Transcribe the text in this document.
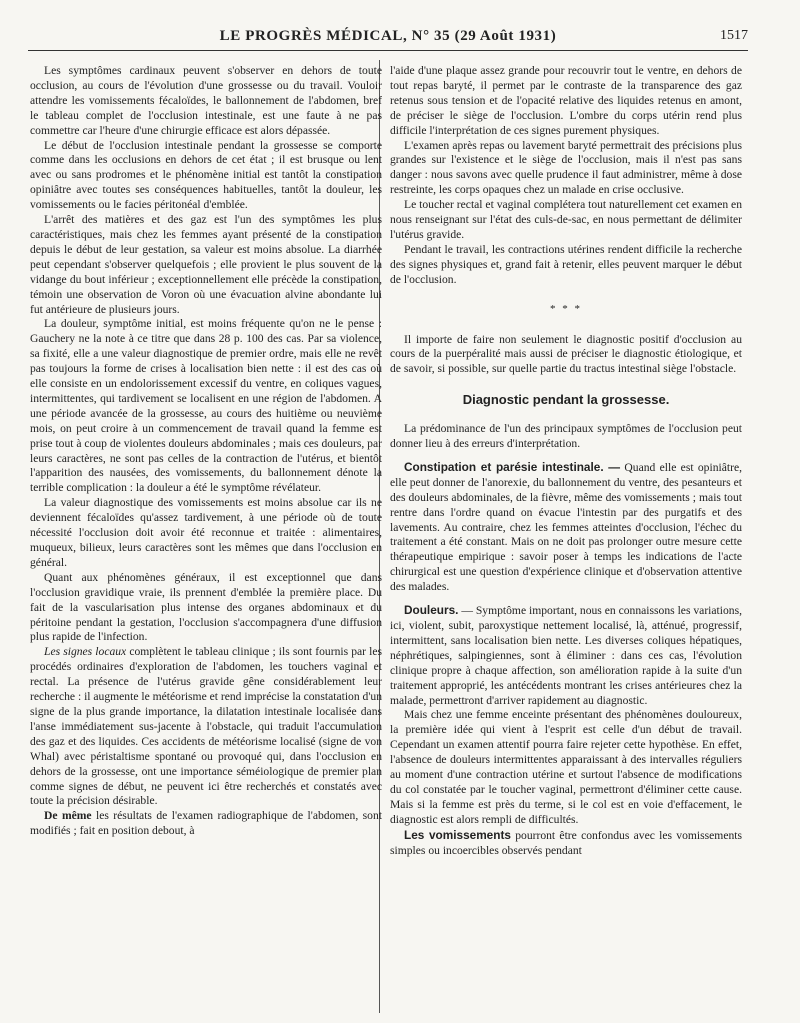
LE PROGRÈS MÉDICAL, N° 35 (29 Août 1931)	1517

Les symptômes cardinaux peuvent s'observer en dehors de toute occlusion, au cours de l'évolution d'une grossesse ou du travail. Vouloir attendre les vomissements fécaloïdes, le ballonnement de l'abdomen, bref le tableau complet de l'occlusion intestinale, est une faute à ne pas commettre car l'heure d'une chirurgie efficace est alors dépassée.

Le début de l'occlusion intestinale pendant la grossesse se comporte comme dans les occlusions en dehors de cet état ; il est brusque ou lent avec ou sans prodromes et le phénomène initial est tantôt la constipation opiniâtre avec toutes ses conséquences habituelles, tantôt la douleur, les vomissements ou le facies péritonéal d'emblée.

L'arrêt des matières et des gaz est l'un des symptômes les plus caractéristiques, mais chez les femmes ayant présenté de la constipation depuis le début de leur gestation, sa valeur est moins absolue. La diarrhée peut cependant s'observer quelquefois ; elle provient le plus souvent de la vidange du bout inférieur ; exceptionnellement elle précède la constipation, témoin une observation de Voron où une évacuation alvine abondante lui fut antérieure de plusieurs jours.

La douleur, symptôme initial, est moins fréquente qu'on ne le pense : Gauchery ne la note à ce titre que dans 28 p. 100 des cas. Par sa violence, sa fixité, elle a une valeur diagnostique de premier ordre, mais elle ne revêt pas toujours la forme de crises à localisation bien nette : il est des cas où elle consiste en un endolorissement excessif du ventre, en coliques vagues, intermittentes, qui tardivement se localisent en une région de l'abdomen. A une période avancée de la grossesse, au cours des huitième ou neuvième mois, on peut croire à un commencement de travail quand la femme est prise tout à coup de violentes douleurs abdominales ; mais ces douleurs, par leurs caractères, ne sont pas celles de la contraction de l'utérus, et bientôt l'apparition des nausées, des vomissements, du ballonnement dénote la terrible complication : la douleur a été le symptôme révélateur.

La valeur diagnostique des vomissements est moins absolue car ils ne deviennent fécaloïdes qu'assez tardivement, à une période où de toute nécessité l'occlusion doit avoir été reconnue et traitée : alimentaires, muqueux, bilieux, leurs caractères sont les mêmes que dans l'occlusion en général.

Quant aux phénomènes généraux, il est exceptionnel que dans l'occlusion gravidique vraie, ils prennent d'emblée la première place. Du fait de la vascularisation plus intense des organes abdominaux et du péritoine pendant la gestation, l'occlusion s'accompagnera d'une diffusion plus rapide de l'infection.

Les signes locaux complètent le tableau clinique ; ils sont fournis par les procédés ordinaires d'exploration de l'abdomen, les touchers vaginal et rectal. La présence de l'utérus gravide gêne considérablement leur recherche : il augmente le météorisme et rend imprécise la constatation d'un signe de la plus grande importance, la dilatation intestinale localisée dans l'anse immédiatement sus-jacente à l'obstacle, qui traduit l'accumulation des gaz et des liquides. Ces accidents de météorisme localisé (signe de von Whal) avec péristaltisme spontané ou provoqué qui, dans l'occlusion en dehors de la grossesse, ont une importance séméiologique de premier plan comme signes de début, ne peuvent ici être recherchés et constatés avec toute la précision désirable.

De même les résultats de l'examen radiographique de l'abdomen, sont modifiés ; fait en position debout, à

l'aide d'une plaque assez grande pour recouvrir tout le ventre, en dehors de tout repas baryté, il permet par le contraste de la transparence des gaz retenus sous tension et de l'opacité relative des liquides retenus en amont, de préciser le siège de l'occlusion. L'ombre du corps utérin rend plus difficile l'interprétation de ces signes purement physiques.

L'examen après repas ou lavement baryté permettrait des précisions plus grandes sur l'existence et le siège de l'occlusion, mais il n'est pas sans danger : nous savons avec quelle prudence il faut administrer, même à dose restreinte, les corps opaques chez un malade en crise occlusive.

Le toucher rectal et vaginal complétera tout naturellement cet examen en nous renseignant sur l'état des culs-de-sac, en nous permettant de délimiter l'utérus gravide.

Pendant le travail, les contractions utérines rendent difficile la recherche des signes physiques et, grand fait à retenir, elles peuvent marquer le début de l'occlusion.

* * *

Il importe de faire non seulement le diagnostic positif d'occlusion au cours de la puerpéralité mais aussi de préciser le diagnostic étiologique, et de savoir, si possible, sur quelle partie du tractus intestinal siège l'obstacle.

Diagnostic pendant la grossesse.

La prédominance de l'un des principaux symptômes de l'occlusion peut donner lieu à des erreurs d'interprétation.

Constipation et parésie intestinale. — Quand elle est opiniâtre, elle peut donner de l'anorexie, du ballonnement du ventre, des pesanteurs et des douleurs abdominales, de la fièvre, même des vomissements ; mais tout rentre dans l'ordre quand on évacue l'intestin par des purgatifs et des lavements. Au contraire, chez les femmes atteintes d'occlusion, l'échec du traitement a été constant. Mais on ne doit pas prolonger outre mesure cette thérapeutique empirique : savoir poser à temps les indications de l'acte chirurgical est une question d'expérience clinique et d'observation attentive des malades.

Douleurs. — Symptôme important, nous en connaissons les variations, ici, violent, subit, paroxystique nettement localisé, là, atténué, progressif, intermittent, sans localisation bien nette. Les diverses coliques hépatiques, néphrétiques, salpingiennes, sont à éliminer : dans ces cas, l'évolution clinique propre à chaque affection, son amélioration rapide à la suite d'un traitement approprié, les antécédents montrant les crises antérieures chez la malade, permettront d'arriver rapidement au diagnostic.

Mais chez une femme enceinte présentant des phénomènes douloureux, la première idée qui vient à l'esprit est celle d'un début de travail. Cependant un examen attentif pourra faire rejeter cette hypothèse. En effet, l'absence de douleurs intermittentes apparaissant à des intervalles réguliers au moment d'une contraction utérine et surtout l'absence de modifications du col constatée par le toucher vaginal, permettront d'éliminer cette cause. Mais si la femme est près du terme, si le col est en voie d'effacement, le diagnostic est alors rempli de difficultés.

Les vomissements pourront être confondus avec les vomissements simples ou incoercibles observés pendant
